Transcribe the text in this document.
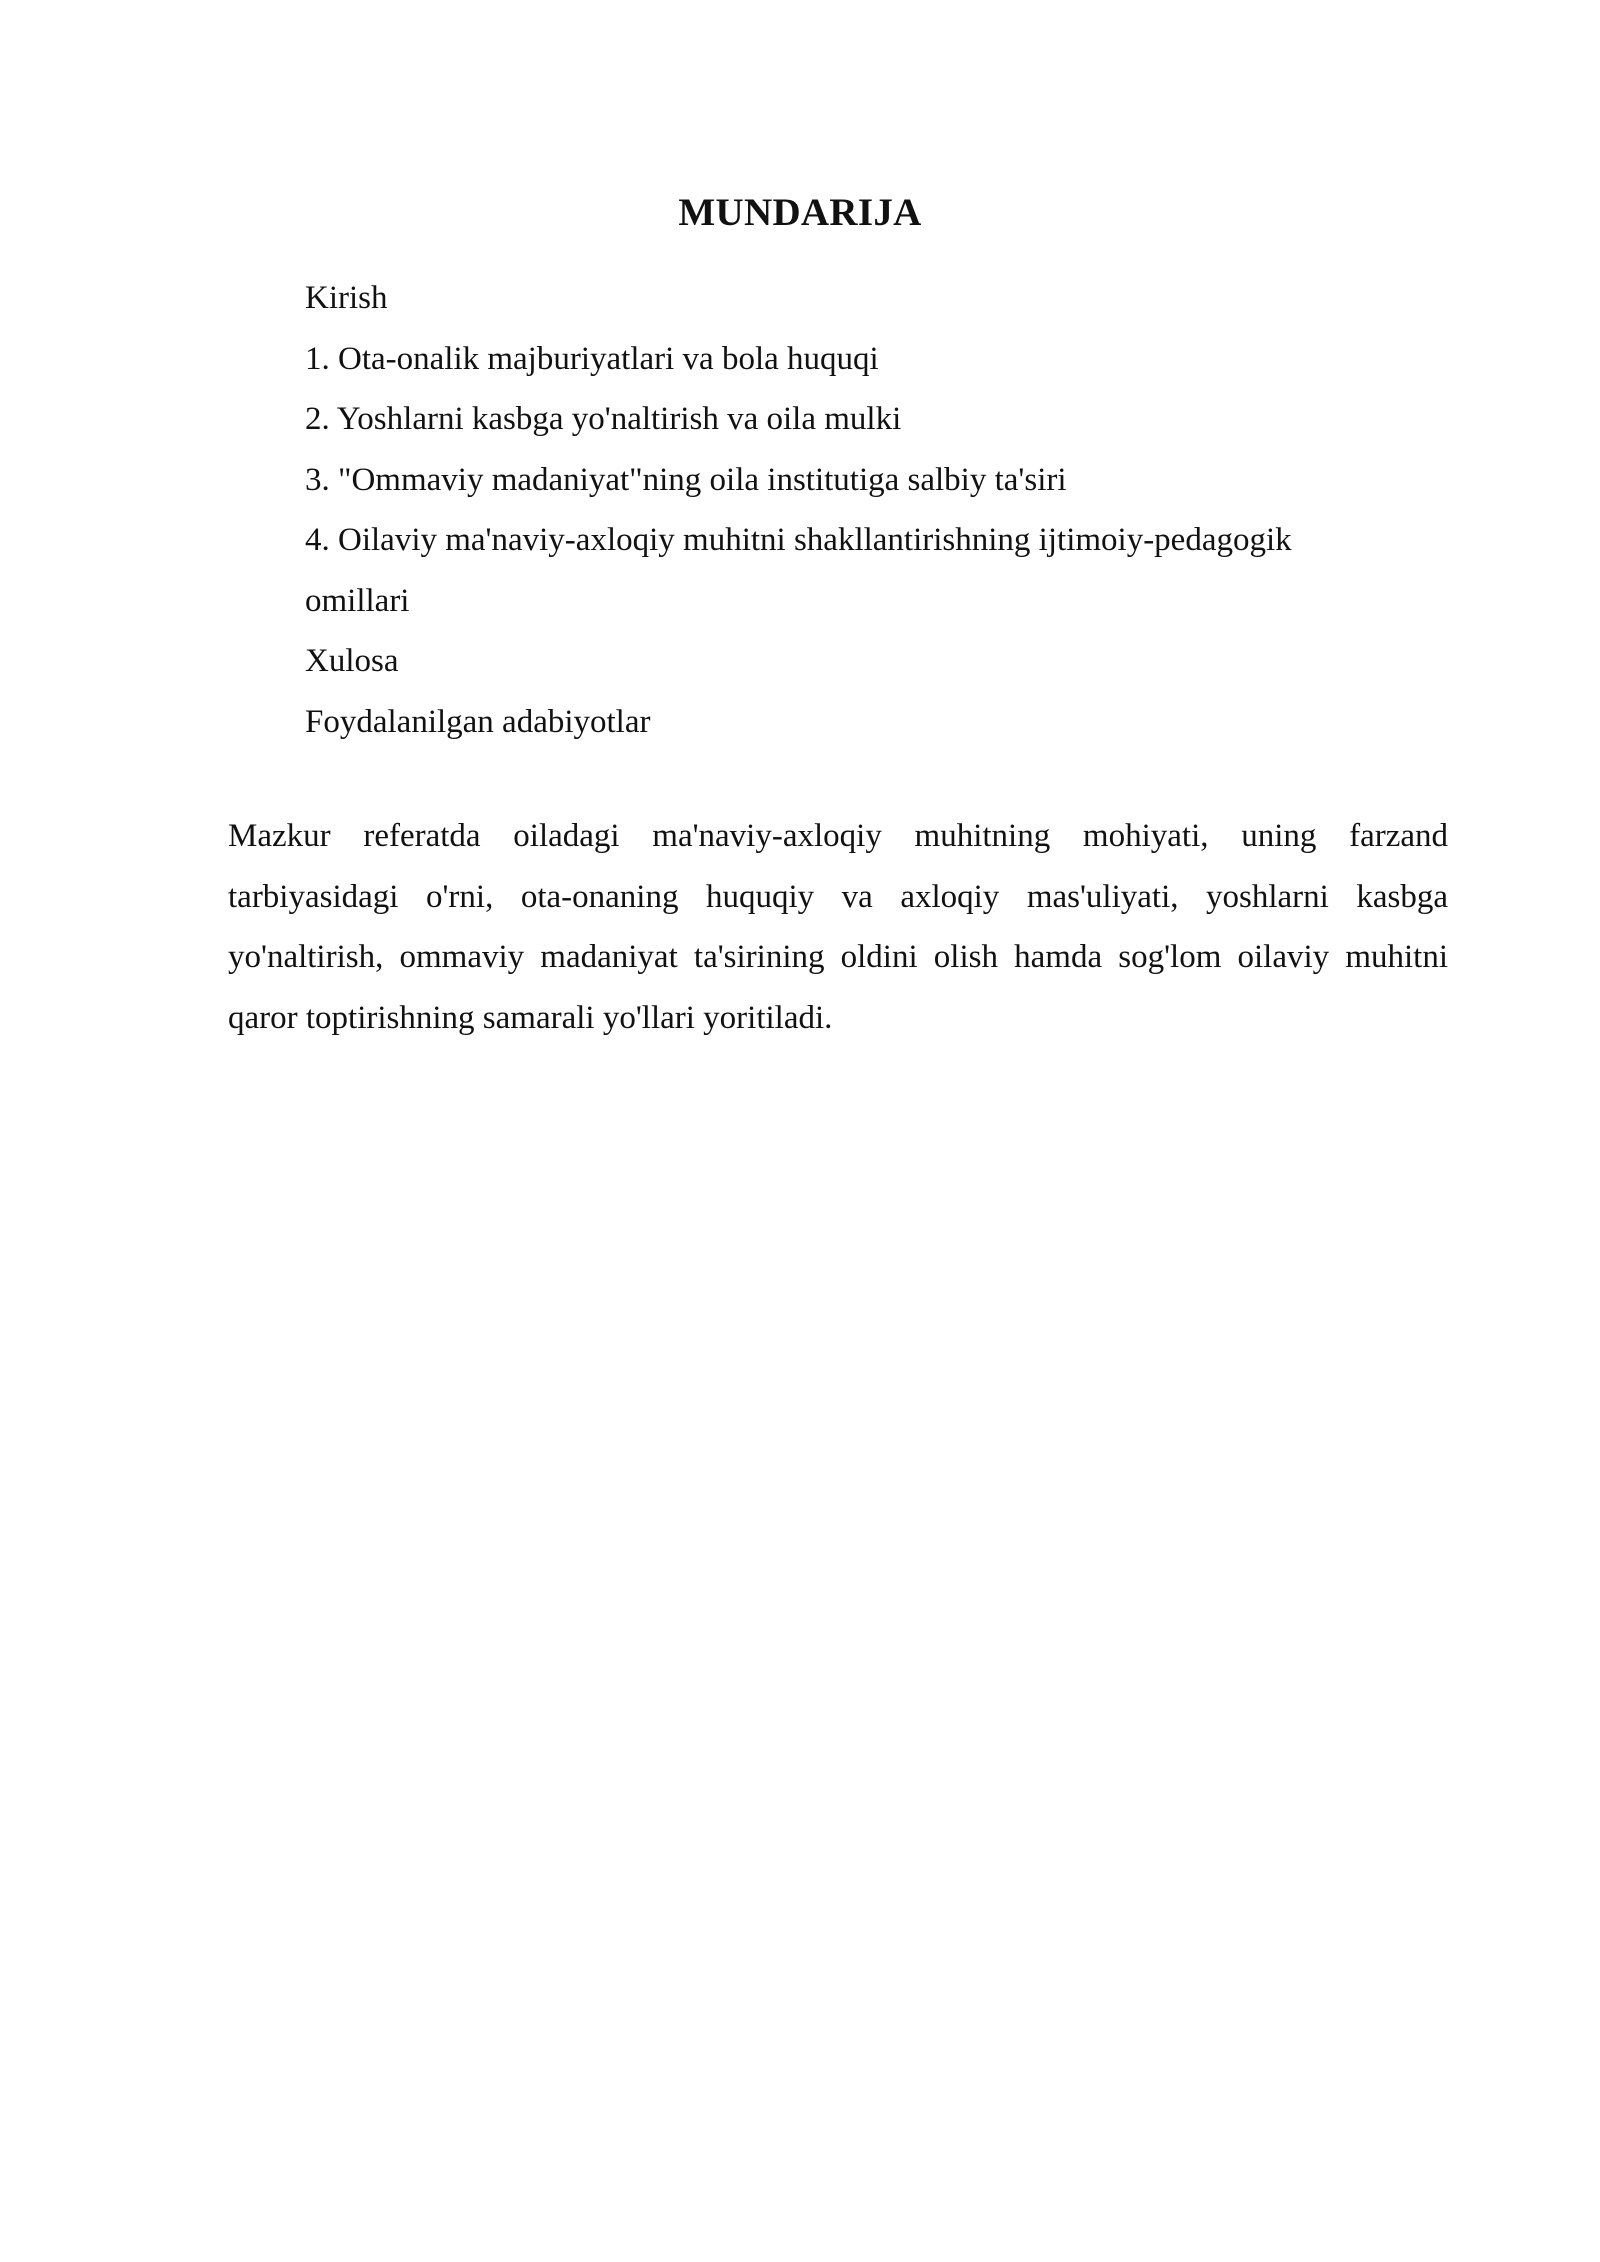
MUNDARIJA
Kirish
1. Ota-onalik majburiyatlari va bola huquqi
2. Yoshlarni kasbga yo'naltirish va oila mulki
3. "Ommaviy madaniyat"ning oila institutiga salbiy ta'siri
4. Oilaviy ma'naviy-axloqiy muhitni shakllantirishning ijtimoiy-pedagogik omillari
Xulosa
Foydalanilgan adabiyotlar

Mazkur referatda oiladagi ma'naviy-axloqiy muhitning mohiyati, uning farzand tarbiyasidagi o'rni, ota-onaning huquqiy va axloqiy mas'uliyati, yoshlarni kasbga yo'naltirish, ommaviy madaniyat ta'sirining oldini olish hamda sog'lom oilaviy muhitni qaror toptirishning samarali yo'llari yoritiladi.
